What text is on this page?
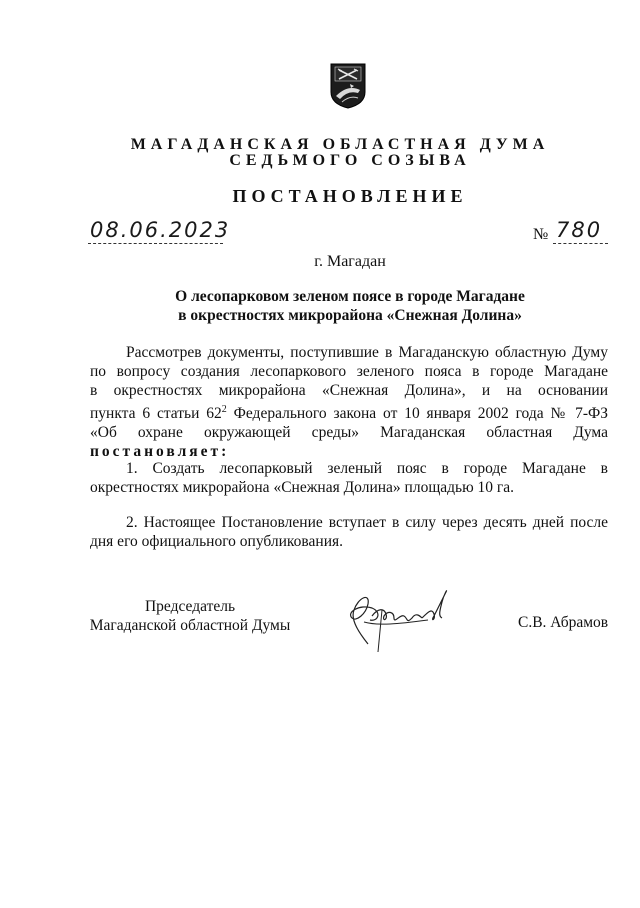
МАГАДАНСКАЯ ОБЛАСТНАЯ ДУМА
СЕДЬМОГО СОЗЫВА
ПОСТАНОВЛЕНИЕ
08.06.2023	№ 780
г. Магадан
О лесопарковом зеленом поясе в городе Магадане
в окрестностях микрорайона «Снежная Долина»
Рассмотрев документы, поступившие в Магаданскую областную Думу
по вопросу создания лесопаркового зеленого пояса в городе Магадане
в окрестностях микрорайона «Снежная Долина», и на основании
пункта 6 статьи $62^2$ Федерального закона от 10 января 2002 года № 7-ФЗ
«Об охране окружающей среды» Магаданская областная Дума
постановляет:
1. Создать лесопарковый зеленый пояс в городе Магадане в окрестностях микрорайона «Снежная Долина» площадью 10 га.
2. Настоящее Постановление вступает в силу через десять дней после дня его официального опубликования.
Председатель
Магаданской областной Думы	С.В. Абрамов
